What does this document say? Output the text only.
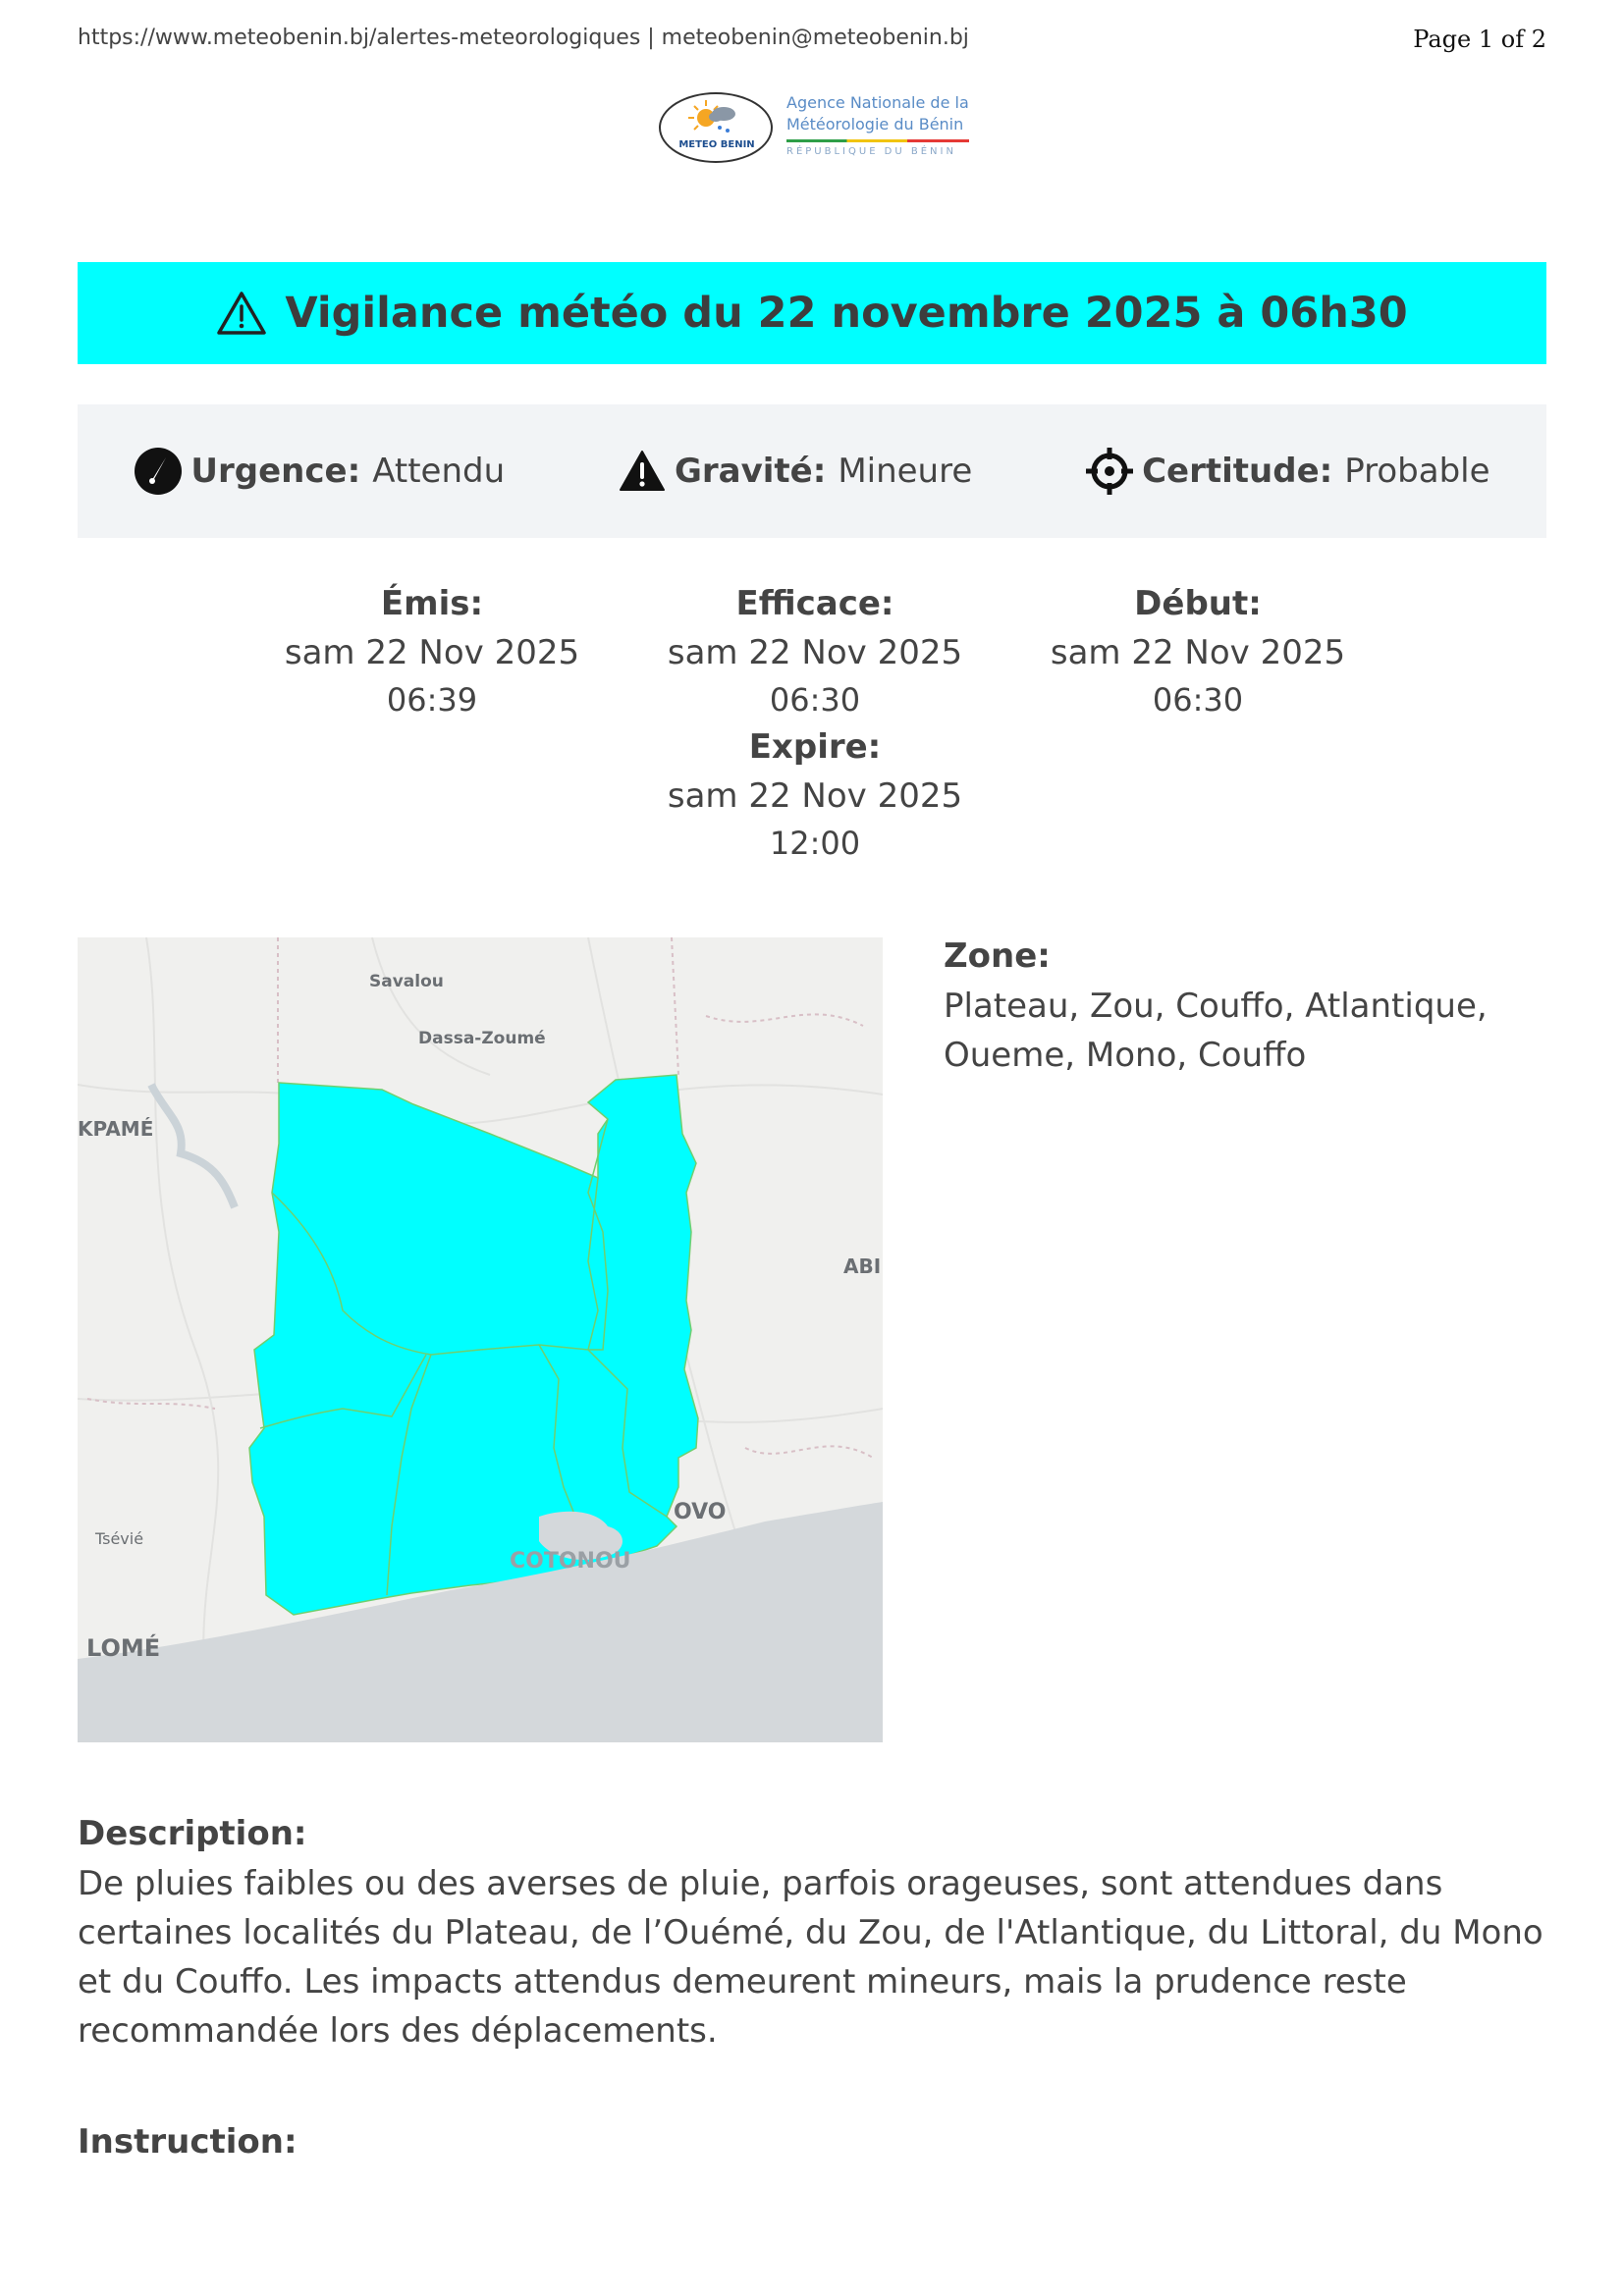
https://www.meteobenin.bj/alertes-meteorologiques | meteobenin@meteobenin.bj	Page 1 of 2
METEO BENIN
Agence Nationale de la
Météorologie du Bénin
RÉPUBLIQUE DU BÉNIN
Vigilance météo du 22 novembre 2025 à 06h30
Urgence: Attendu	Gravité: Mineure	Certitude: Probable
Émis:
sam 22 Nov 2025
06:39
Efficace:
sam 22 Nov 2025
06:30
Expire:
sam 22 Nov 2025
12:00
Début:
sam 22 Nov 2025
06:30
Savalou
Dassa-Zoumé
KPAMÉ
ABI
Tsévié
OVO
COTONOU
LOMÉ
Zone:
Plateau, Zou, Couffo, Atlantique, Oueme, Mono, Couffo
Description:
De pluies faibles ou des averses de pluie, parfois orageuses, sont attendues dans certaines localités du Plateau, de l’Ouémé, du Zou, de l'Atlantique, du Littoral, du Mono et du Couffo. Les impacts attendus demeurent mineurs, mais la prudence reste recommandée lors des déplacements.
Instruction:
